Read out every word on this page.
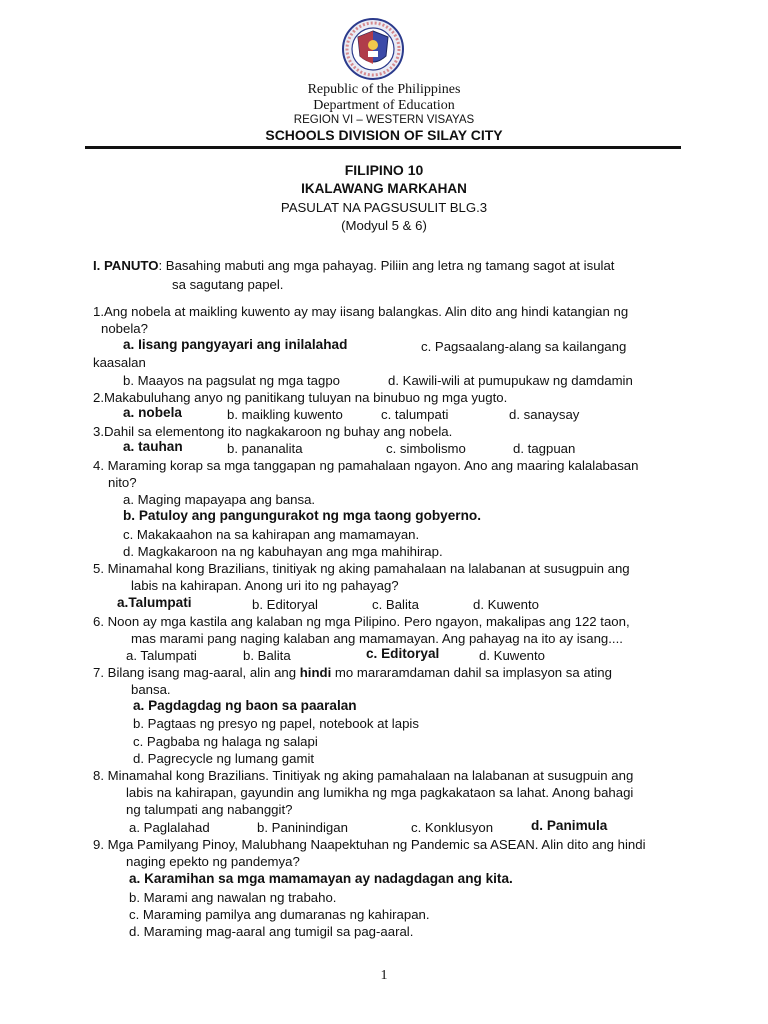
Republic of the Philippines
Department of Education
REGION VI – WESTERN VISAYAS
SCHOOLS DIVISION OF SILAY CITY
FILIPINO 10
IKALAWANG MARKAHAN
PASULAT NA PAGSUSULIT BLG.3
(Modyul 5 & 6)
I. PANUTO: Basahing mabuti ang mga pahayag. Piliin ang letra ng tamang sagot at isulat
sa sagutang papel.
1.Ang nobela at maikling kuwento ay may iisang balangkas. Alin dito ang hindi katangian ng
nobela?
a. Iisang pangyayari ang inilalahad	c. Pagsaalang-alang sa kailangang
kaasalan
b. Maayos na pagsulat ng mga tagpo	d. Kawili-wili at pumupukaw ng damdamin
2.Makabuluhang anyo ng panitikang tuluyan na binubuo ng mga yugto.
a. nobela	b. maikling kuwento	c. talumpati	d. sanaysay
3.Dahil sa elementong ito nagkakaroon ng buhay ang nobela.
a. tauhan	b. pananalita	c. simbolismo	d. tagpuan
4. Maraming korap sa mga tanggapan ng pamahalaan ngayon. Ano ang maaring kalalabasan
nito?
a. Maging mapayapa ang bansa.
b. Patuloy ang pangungurakot ng mga taong gobyerno.
c. Makakaahon na sa kahirapan ang mamamayan.
d. Magkakaroon na ng kabuhayan ang mga mahihirap.
5. Minamahal kong Brazilians, tinitiyak ng aking pamahalaan na lalabanan at susugpuin ang
labis na kahirapan. Anong uri ito ng pahayag?
a.Talumpati	b. Editoryal	c. Balita	d. Kuwento
6. Noon ay mga kastila ang kalaban ng mga Pilipino. Pero ngayon, makalipas ang 122 taon,
mas marami pang naging kalaban ang mamamayan. Ang pahayag na ito ay isang....
a. Talumpati	b. Balita	c. Editoryal	d. Kuwento
7. Bilang isang mag-aaral, alin ang hindi mo mararamdaman dahil sa implasyon sa ating
bansa.
a. Pagdagdag ng baon sa paaralan
b. Pagtaas ng presyo ng papel, notebook at lapis
c. Pagbaba ng halaga ng salapi
d. Pagrecycle ng lumang gamit
8. Minamahal kong Brazilians. Tinitiyak ng aking pamahalaan na lalabanan at susugpuin ang
labis na kahirapan, gayundin ang lumikha ng mga pagkakataon sa lahat. Anong bahagi
ng talumpati ang nabanggit?
a. Paglalahad	b. Paninindigan	c. Konklusyon	d. Panimula
9. Mga Pamilyang Pinoy, Malubhang Naapektuhan ng Pandemic sa ASEAN. Alin dito ang hindi
naging epekto ng pandemya?
a. Karamihan sa mga mamamayan ay nadagdagan ang kita.
b. Marami ang nawalan ng trabaho.
c. Maraming pamilya ang dumaranas ng kahirapan.
d. Maraming mag-aaral ang tumigil sa pag-aaral.
1
